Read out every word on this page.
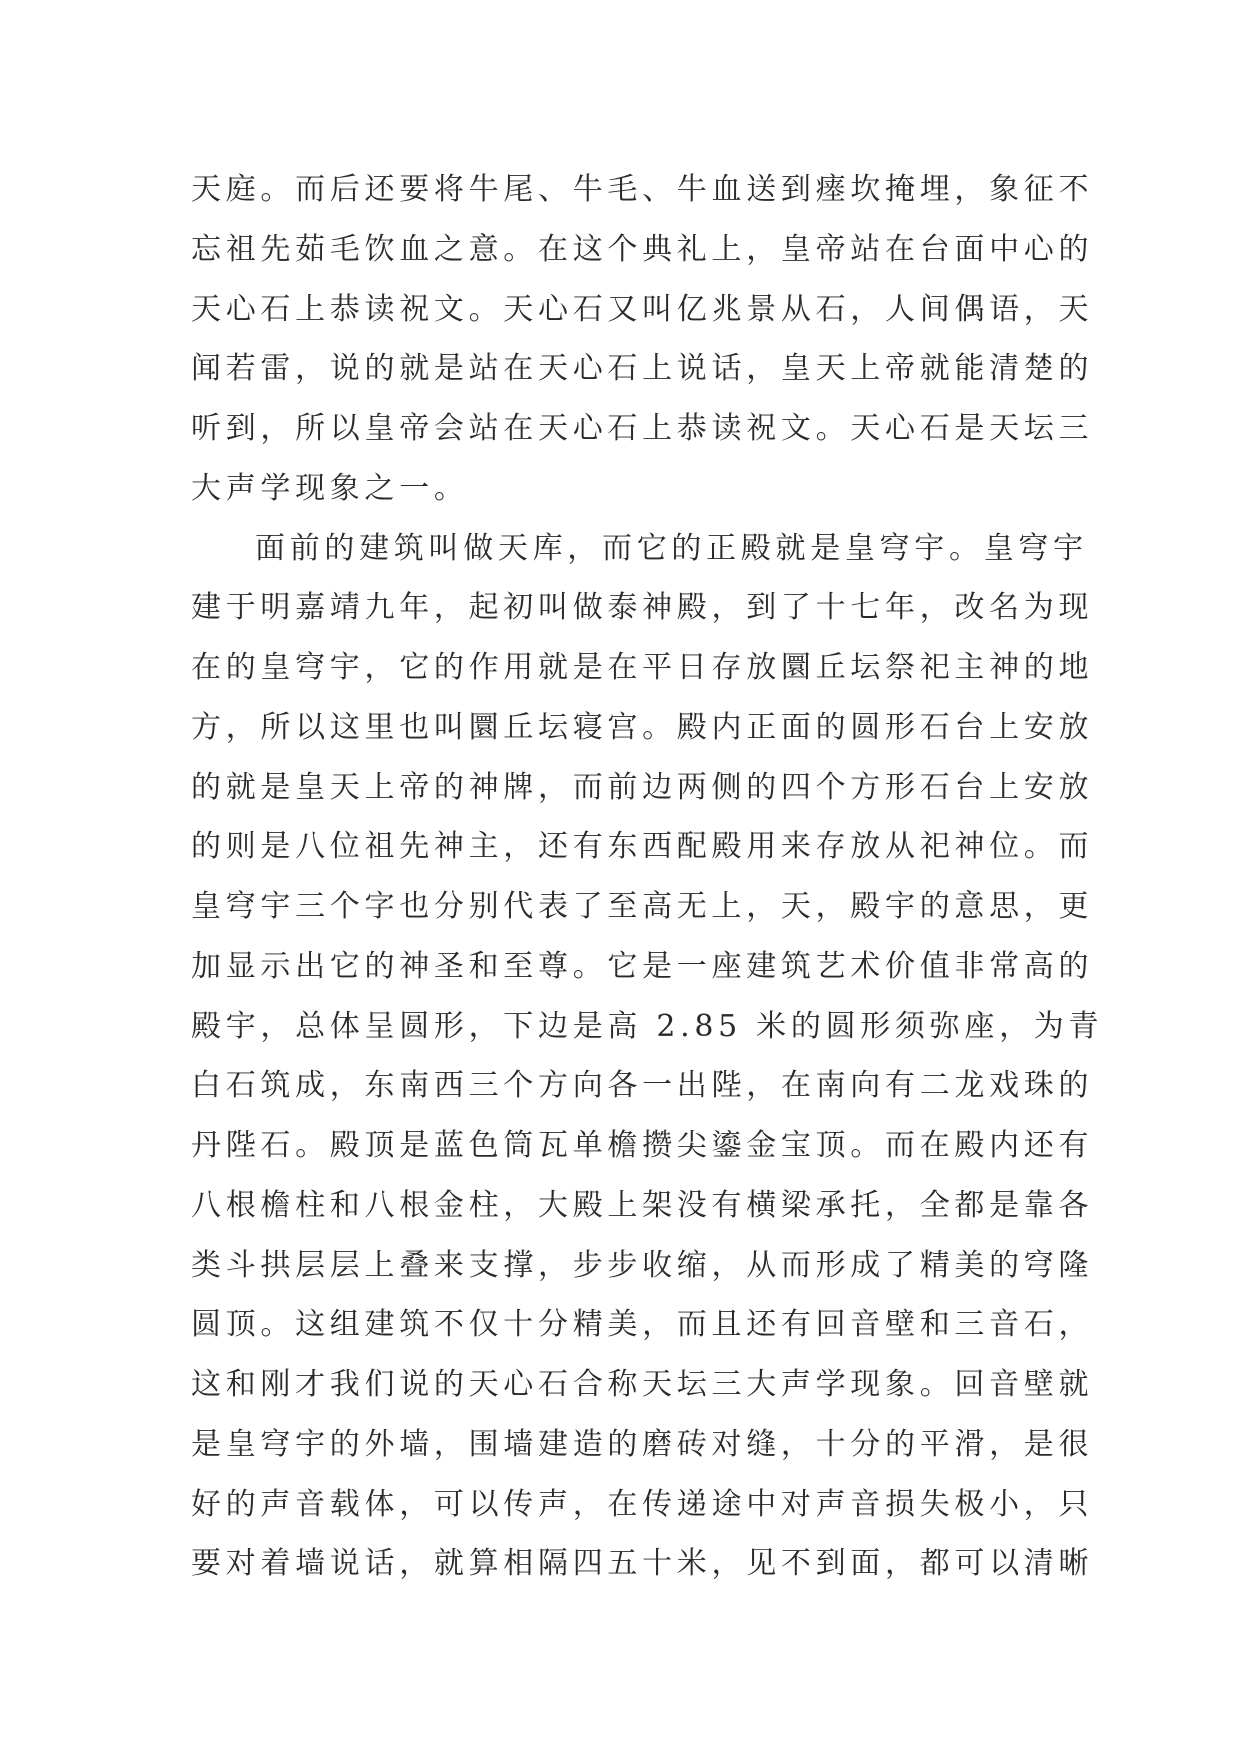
天庭。而后还要将牛尾、牛毛、牛血送到瘗坎掩埋，象征不
忘祖先茹毛饮血之意。在这个典礼上，皇帝站在台面中心的
天心石上恭读祝文。天心石又叫亿兆景从石，人间偶语，天
闻若雷，说的就是站在天心石上说话，皇天上帝就能清楚的
听到，所以皇帝会站在天心石上恭读祝文。天心石是天坛三
大声学现象之一。
面前的建筑叫做天库，而它的正殿就是皇穹宇。皇穹宇
建于明嘉靖九年，起初叫做泰神殿，到了十七年，改名为现
在的皇穹宇，它的作用就是在平日存放圜丘坛祭祀主神的地
方，所以这里也叫圜丘坛寝宫。殿内正面的圆形石台上安放
的就是皇天上帝的神牌，而前边两侧的四个方形石台上安放
的则是八位祖先神主，还有东西配殿用来存放从祀神位。而
皇穹宇三个字也分别代表了至高无上，天，殿宇的意思，更
加显示出它的神圣和至尊。它是一座建筑艺术价值非常高的
殿宇，总体呈圆形，下边是高 2.85 米的圆形须弥座，为青
白石筑成，东南西三个方向各一出陛，在南向有二龙戏珠的
丹陛石。殿顶是蓝色筒瓦单檐攒尖鎏金宝顶。而在殿内还有
八根檐柱和八根金柱，大殿上架没有横梁承托，全都是靠各
类斗拱层层上叠来支撑，步步收缩，从而形成了精美的穹隆
圆顶。这组建筑不仅十分精美，而且还有回音壁和三音石，
这和刚才我们说的天心石合称天坛三大声学现象。回音壁就
是皇穹宇的外墙，围墙建造的磨砖对缝，十分的平滑，是很
好的声音载体，可以传声，在传递途中对声音损失极小，只
要对着墙说话，就算相隔四五十米，见不到面，都可以清晰
